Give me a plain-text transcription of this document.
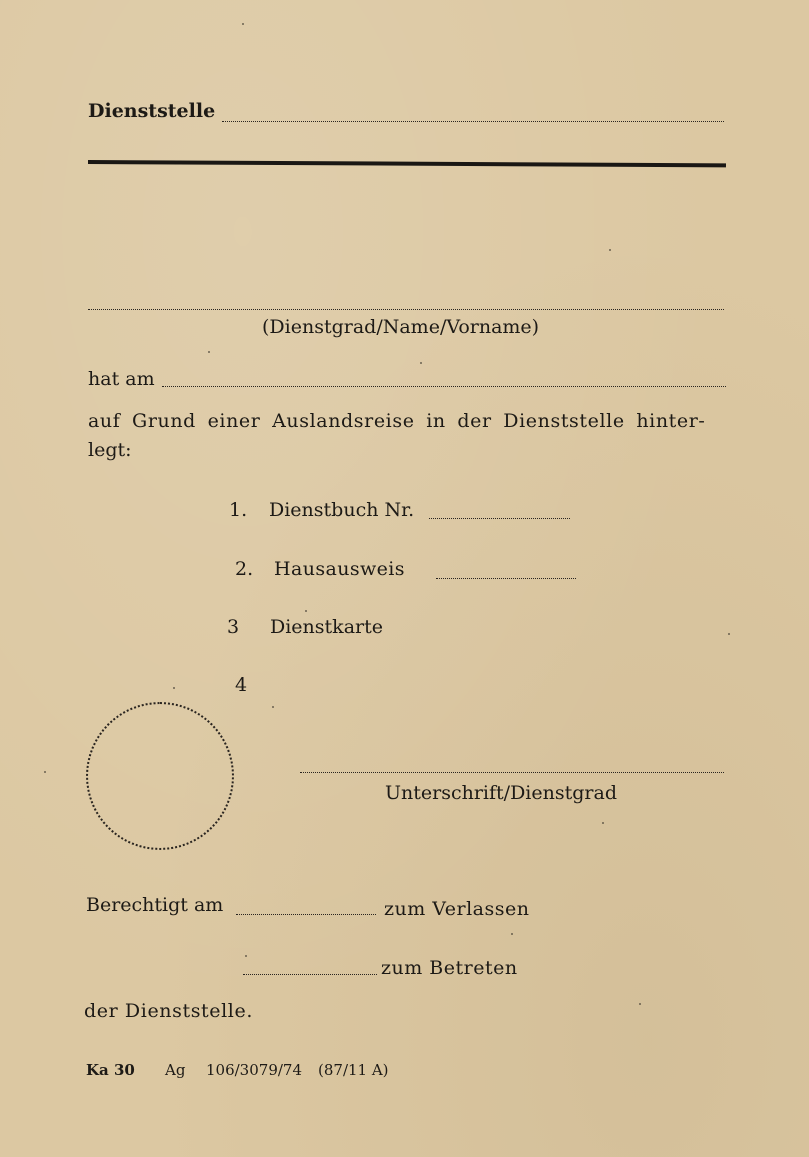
Dienststelle
(Dienstgrad/Name/Vorname)
hat am
auf Grund einer Auslandsreise in der Dienststelle hinter-
legt:
1. Dienstbuch Nr.
2. Hausausweis
3 Dienstkarte
4
Unterschrift/Dienstgrad
Berechtigt am	zum Verlassen
zum Betreten
der Dienststelle.
Ka 30 Ag 106/3079/74 (87/11 A)
